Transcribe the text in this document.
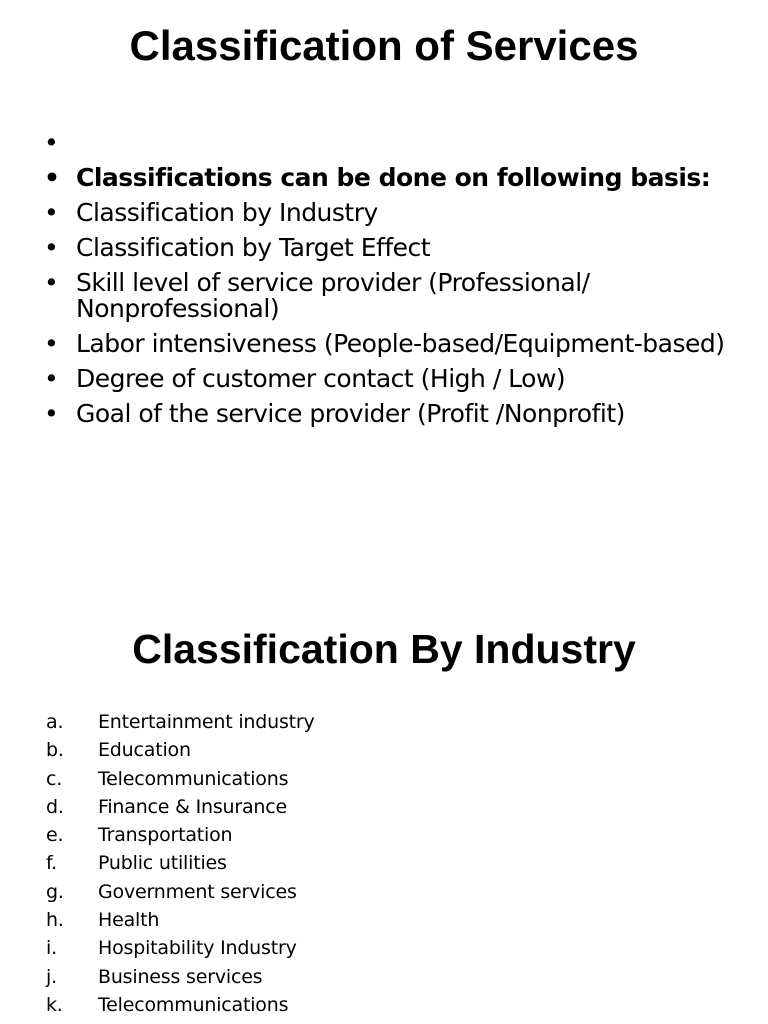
Classification of Services
•
• Classifications can be done on following basis:
• Classification by Industry
• Classification by Target Effect
• Skill level of service provider (Professional/ Nonprofessional)
• Labor intensiveness (People-based/Equipment-based)
• Degree of customer contact (High / Low)
• Goal of the service provider (Profit /Nonprofit)
Classification By Industry
a. Entertainment industry
b. Education
c. Telecommunications
d. Finance & Insurance
e. Transportation
f. Public utilities
g. Government services
h. Health
i. Hospitability Industry
j. Business services
k. Telecommunications
